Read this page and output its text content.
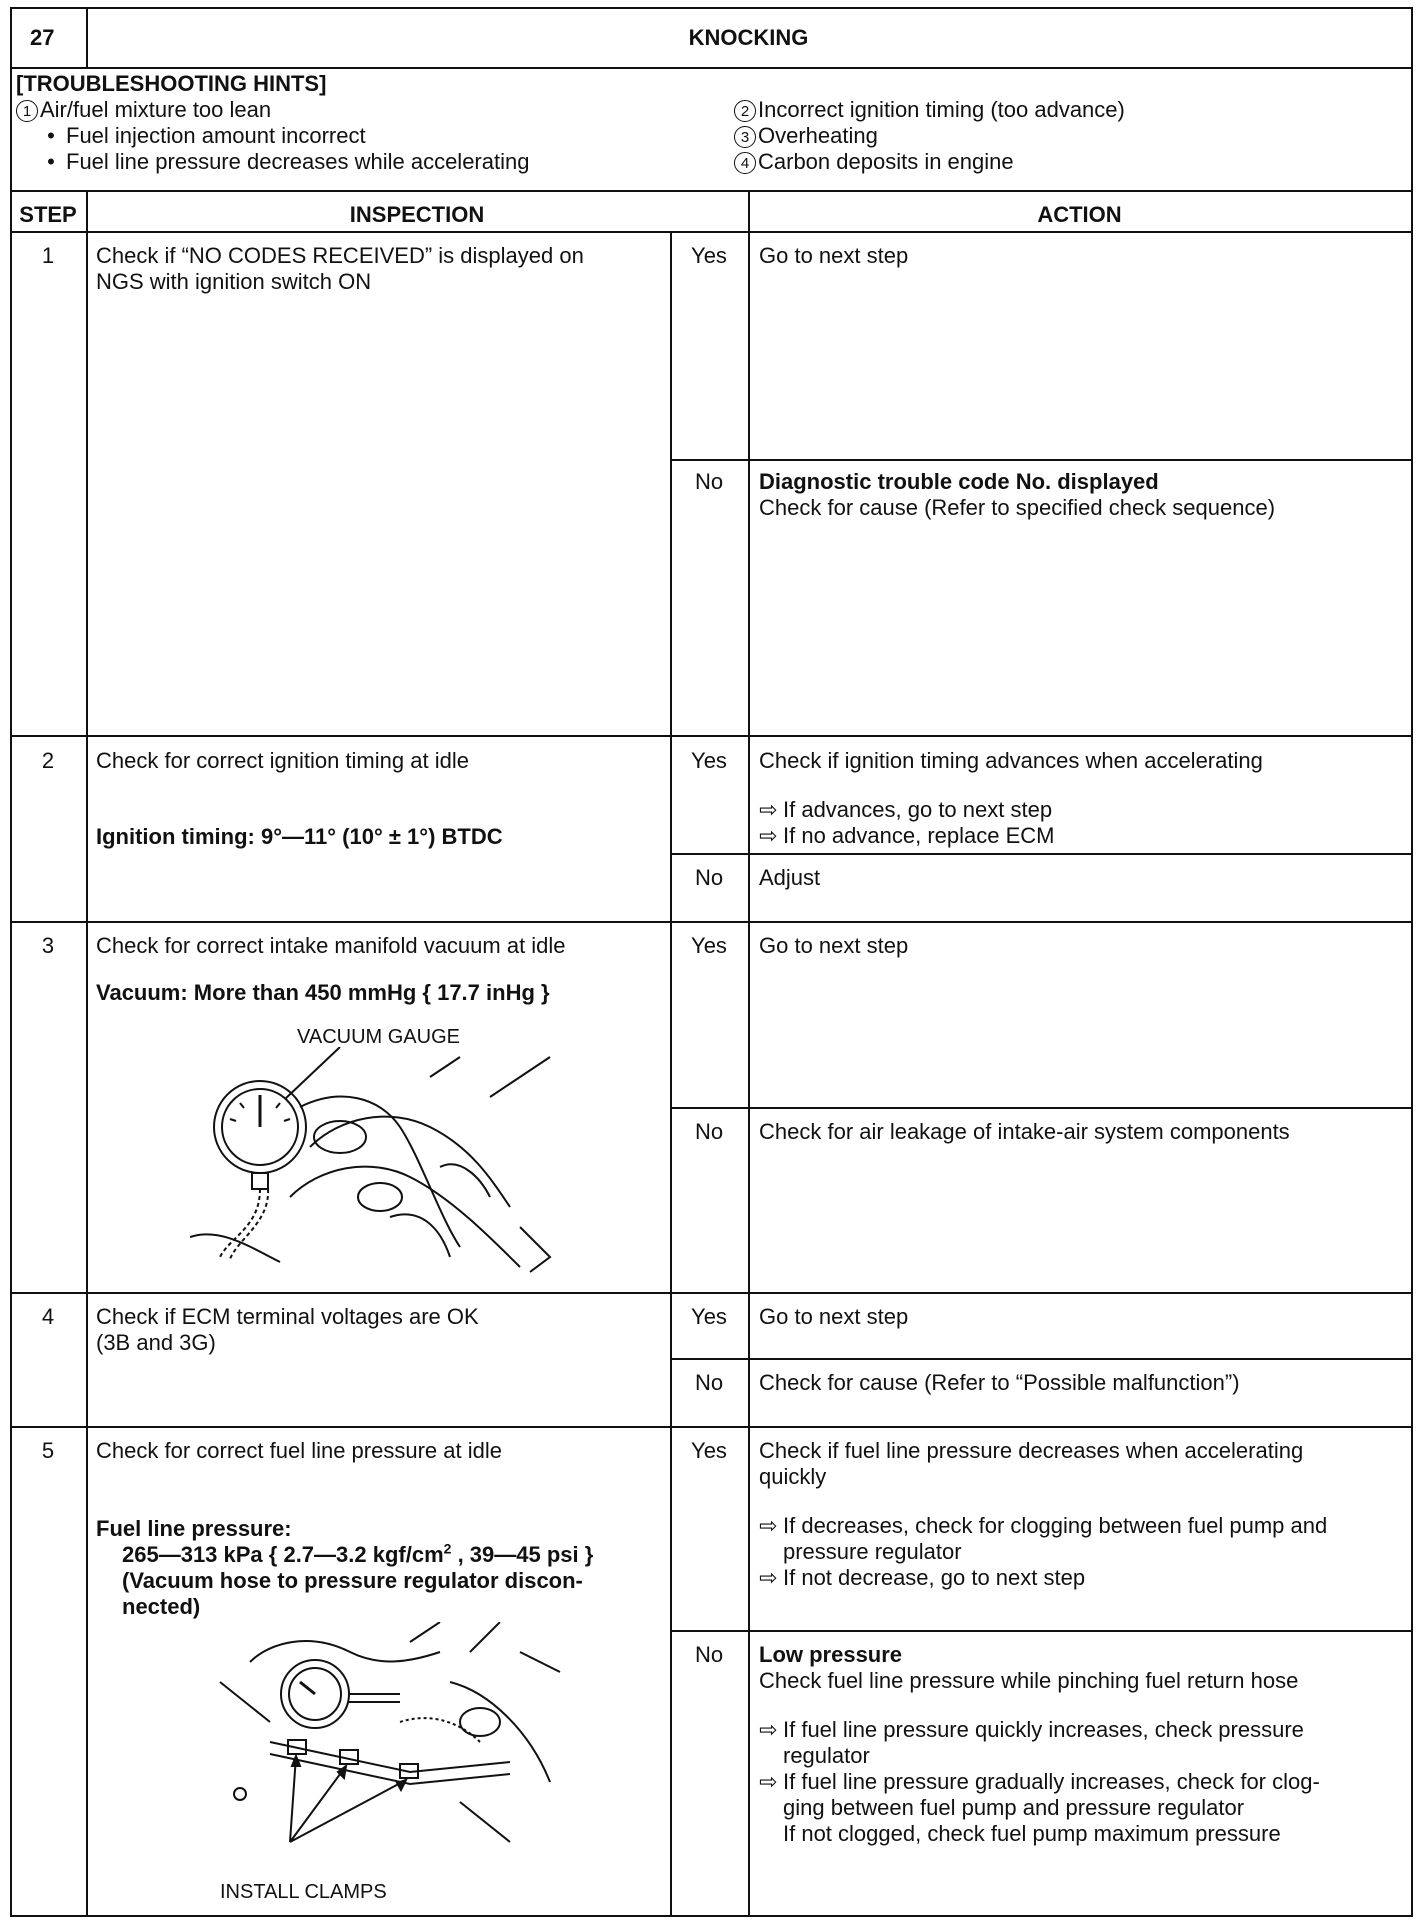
27	KNOCKING
[TROUBLESHOOTING HINTS]
1 Air/fuel mixture too lean
• Fuel injection amount incorrect
• Fuel line pressure decreases while accelerating
2 Incorrect ignition timing (too advance)
3 Overheating
4 Carbon deposits in engine
STEP	INSPECTION	ACTION
1	Check if “NO CODES RECEIVED” is displayed on
NGS with ignition switch ON
Yes	Go to next step
No	Diagnostic trouble code No. displayed
Check for cause (Refer to specified check sequence)
2	Check for correct ignition timing at idle
Ignition timing: 9°—11° (10° ± 1°) BTDC
Yes	Check if ignition timing advances when accelerating
⇨ If advances, go to next step
⇨ If no advance, replace ECM
No	Adjust
3	Check for correct intake manifold vacuum at idle
Vacuum: More than 450 mmHg { 17.7 inHg }
VACUUM GAUGE
Yes	Go to next step
No	Check for air leakage of intake-air system components
4	Check if ECM terminal voltages are OK
(3B and 3G)
Yes	Go to next step
No	Check for cause (Refer to “Possible malfunction”)
5	Check for correct fuel line pressure at idle
Fuel line pressure:
265—313 kPa { 2.7—3.2 kgf/$cm^2$ , 39—45 psi }
(Vacuum hose to pressure regulator discon-
nected)
INSTALL CLAMPS
Yes	Check if fuel line pressure decreases when accelerating
quickly
⇨ If decreases, check for clogging between fuel pump and
pressure regulator
⇨ If not decrease, go to next step
No	Low pressure
Check fuel line pressure while pinching fuel return hose
⇨ If fuel line pressure quickly increases, check pressure
regulator
⇨ If fuel line pressure gradually increases, check for clog-
ging between fuel pump and pressure regulator
If not clogged, check fuel pump maximum pressure
